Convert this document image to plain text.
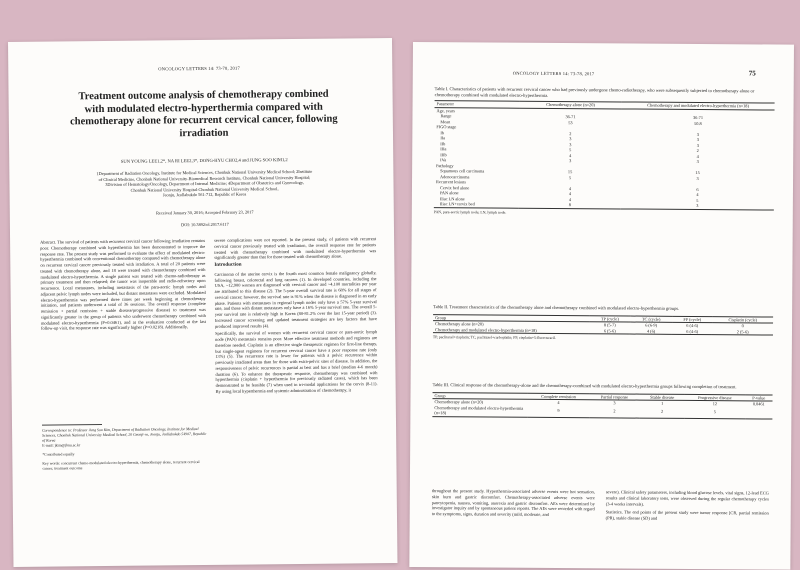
ONCOLOGY LETTERS 14: 73-78, 2017

Treatment outcome analysis of chemotherapy combined with modulated electro-hyperthermia compared with chemotherapy alone for recurrent cervical cancer, following irradiation

SUN YOUNG LEE1,2*, NA RI LEE2,3*, DONG-HYU CHO2,4 and JUNG SOO KIM1,2
1Department of Radiation Oncology, Institute for Medical Sciences, Chonbuk National University Medical School; 2Institute
of Clinical Medicine, Chonbuk National University-Biomedical Research Institute, Chonbuk National University Hospital;
3Division of Hematology/Oncology, Department of Internal Medicine; 4Department of Obstetrics and Gynecology,
Chonbuk National University Hospital-Chonbuk National University Medical School,
Jeonju, Jeollabukdo 561-712, Republic of Korea
Received January 30, 2016; Accepted February 23, 2017
DOI: 10.3892/ol.2017.6117
Abstract. The survival of patients with recurrent cervical cancer following irradiation remains poor. Chemotherapy combined with hyperthermia has been demonstrated to improve the response rate. The present study was performed to evaluate the effect of modulated electro-hyperthermia combined with conventional chemotherapy compared with chemotherapy alone on recurrent cervical cancer previously treated with irradiation. A total of 20 patients were treated with chemotherapy alone, and 18 were treated with chemotherapy combined with modulated electro-hyperthermia. A single patient was treated with chemo-radiotherapy as primary treatment and then relapsed; the tumor was inoperable and radio-refractory upon recurrence. Local metastases, including metastasis of the para-aortic lymph nodes and adjacent pelvic lymph nodes were included, but distant metastases were excluded. Modulated electro-hyperthermia was performed three times per week beginning at chemotherapy initiation, and patients underwent a total of 36 sessions. The overall response (complete remission + partial remission + stable disease/progressive disease) to treatment was significantly greater in the group of patients who underwent chemotherapy combined with modulated electro-hyperthermia (P=0.0461), and at the evaluation conducted at the last follow-up visit, the response rate was significantly higher (P=0.0218). Additionally,

Correspondence to: Professor Jung Soo Kim, Department of Radiation Oncology, Institute for Medical Sciences, Chonbuk National University Medical School, 20 Geonji-ro, Jeonju, Jeollabukdo 54907, Republic of Korea

E-mail: jkim@jbnu.ac.kr

*Contributed equally

Key words: concurrent chemo-modulated electro-hyperthermia, chemotherapy alone, recurrent cervical cancer, treatment outcome

severe complications were not reported. In the present study, of patients with recurrent cervical cancer previously treated with irradiation, the overall response rate for patients treated with chemotherapy combined with modulated electro-hyperthermia was significantly greater than that for those treated with chemotherapy alone.

Introduction

Carcinoma of the uterine cervix is the fourth most common female malignancy globally, following breast, colorectal and lung cancers (1). In developed countries, including the USA, ~12,900 women are diagnosed with cervical cancer and ~4,100 mortalities per year are attributed to this disease (2). The 5-year overall survival rate is 68% for all stages of cervical cancer; however, the survival rate is 91% when the disease is diagnosed in an early phase. Patients with metastases in regional lymph nodes only have a 57% 5-year survival rate, and those with distant metastases only have a 16% 5-year survival rate. The overall 5-year survival rate is relatively high in Korea (80-81.2% over the last 15-year period) (3). Increased cancer screening and updated treatment strategies are key factors that have produced improved results (4).

Specifically, the survival of women with recurrent cervical cancer or para-aortic lymph node (PAN) metastasis remains poor. More effective treatment methods and regimens are therefore needed. Cisplatin is an effective single therapeutic regimen for first-line therapy, but single-agent regimens for recurrent cervical cancer have a poor response rate (only 13%) (5). The recurrence rate is lower for patients with a pelvic recurrence within previously irradiated areas than for those with extra-pelvic sites of disease. In addition, the responsiveness of pelvic recurrences is partial at best and has a brief (median 4-6 month) duration (6). To enhance the therapeutic response, chemotherapy was combined with hyperthermia (cisplatin + hyperthermia for previously radiated cases), which has been demonstrated to be feasible (7) when used in tri-modal applications for the cervix (8-11). By using local hyperthermia and systemic administration of chemotherapy, it

ONCOLOGY LETTERS 14: 73-78, 2017	75

Table I. Characteristics of patients with recurrent cervical cancer who had previously undergone chemo-radiotherapy, who were subsequently subjected to chemotherapy alone or chemotherapy combined with modulated electro-hyperthermia.

Parameter	Chemotherapy alone (n=20)	Chemotherapy and modulated electro-hyperthermia (n=18)
Age, years		
Range	36-71	36-71
Mean	53	50.8
FIGO stage		
Ib	2	3
IIa	3	3
IIb	3	3
IIIa	5	2
IIIb	4	4
IVa	3	3
Pathology		
Squamous cell carcinoma	15	15
Adenocarcinoma	5	3
Recurrent lesions		
Cervix bed alone	4	6
PAN alone	4	4
Iliac LN alone	4	5
Iliac LN+cervix bed	8	3

PAN, para-aortic lymph node; LN, lymph node.

Table II. Treatment characteristics of the chemotherapy alone and chemotherapy combined with modulated electro-hyperthermia groups.

Group	TP (cycle)	TC (cycle)	FP (cycle)	Cisplatin (cycle)
Chemotherapy alone (n=20)	8 (5-7)	6 (6-9)	6 (4-6)	0
Chemotherapy and modulated electro-hyperthermia (n=18)	6 (5-6)	4 (6)	6 (4-6)	2 (5-6)

TP, paclitaxel+cisplatin; TC, paclitaxel+carboplatin; FP, cisplatin+5-fluorouracil.

Table III. Clinical response of the chemotherapy-alone and the chemotherapy-combined with modulated electro-hyperthermia groups following completion of treatment.

Group	Complete remission	Partial response	Stable disease	Progressive disease	P-value
Chemotherapy alone (n=20)	4	3	1	12	0.0461
Chemotherapy and modulated electro-hyperthermia (n=18)	9	2	2	5	
throughout the present study. Hyperthermia-associated adverse events were hot sensation, skin burn and gastric discomfort. Chemotherapy-associated adverse events were pancytopenia, nausea, vomiting, anorexia and gastric discomfort. AEs were determined by investigator inquiry and by spontaneous patient reports. The AEs were recorded with regard to the symptoms, signs, duration and severity (mild, moderate, and

severe). Clinical safety parameters, including blood glucose levels, vital signs, 12-lead ECG results and clinical laboratory tests, were observed during the regular chemotherapy cycles (3-4 weeks intervals).

Statistics. The end points of the present study were tumor response [CR, partial remission (PR), stable disease (SD) and
